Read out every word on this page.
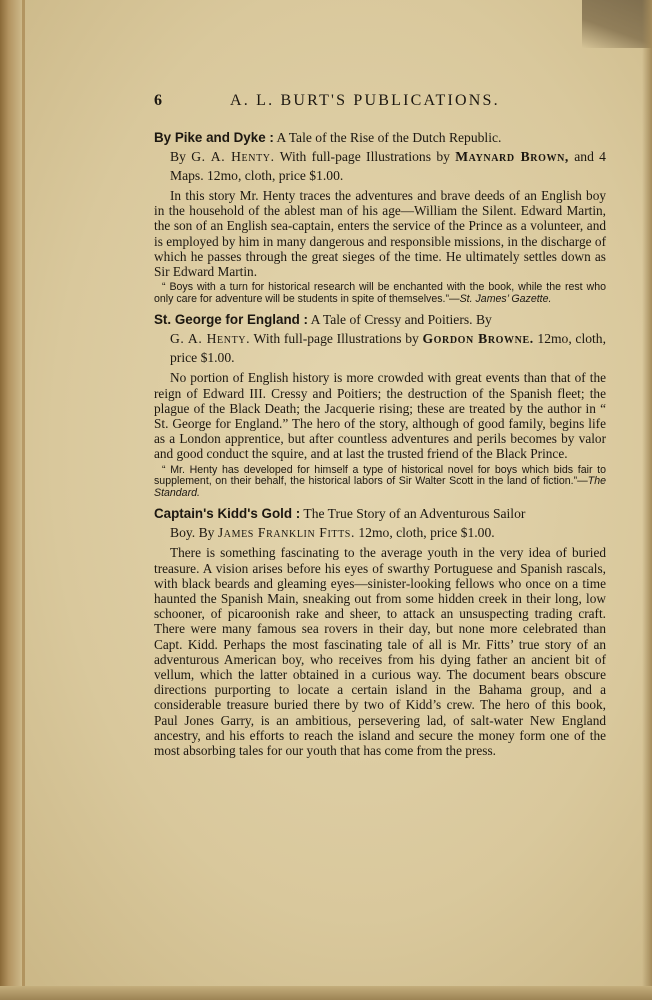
6	A. L. BURT'S PUBLICATIONS.

By Pike and Dyke : A Tale of the Rise of the Dutch Republic.
By G. A. Henty. With full-page Illustrations by Maynard Brown, and 4 Maps. 12mo, cloth, price $1.00.

In this story Mr. Henty traces the adventures and brave deeds of an English boy in the household of the ablest man of his age—William the Silent. Edward Martin, the son of an English sea-captain, enters the service of the Prince as a volunteer, and is employed by him in many dangerous and responsible missions, in the discharge of which he passes through the great sieges of the time. He ultimately settles down as Sir Edward Martin.

“ Boys with a turn for historical research will be enchanted with the book, while the rest who only care for adventure will be students in spite of themselves.”—St. James’ Gazette.

St. George for England : A Tale of Cressy and Poitiers. By
G. A. Henty. With full-page Illustrations by Gordon Browne. 12mo, cloth, price $1.00.

No portion of English history is more crowded with great events than that of the reign of Edward III. Cressy and Poitiers; the destruction of the Spanish fleet; the plague of the Black Death; the Jacquerie rising; these are treated by the author in “ St. George for England.” The hero of the story, although of good family, begins life as a London apprentice, but after countless adventures and perils becomes by valor and good conduct the squire, and at last the trusted friend of the Black Prince.

“ Mr. Henty has developed for himself a type of historical novel for boys which bids fair to supplement, on their behalf, the historical labors of Sir Walter Scott in the land of fiction.”—The Standard.

Captain's Kidd's Gold : The True Story of an Adventurous Sailor
Boy. By James Franklin Fitts. 12mo, cloth, price $1.00.

There is something fascinating to the average youth in the very idea of buried treasure. A vision arises before his eyes of swarthy Portuguese and Spanish rascals, with black beards and gleaming eyes—sinister-looking fellows who once on a time haunted the Spanish Main, sneaking out from some hidden creek in their long, low schooner, of picaroonish rake and sheer, to attack an unsuspecting trading craft. There were many famous sea rovers in their day, but none more celebrated than Capt. Kidd. Perhaps the most fascinating tale of all is Mr. Fitts’ true story of an adventurous American boy, who receives from his dying father an ancient bit of vellum, which the latter obtained in a curious way. The document bears obscure directions purporting to locate a certain island in the Bahama group, and a considerable treasure buried there by two of Kidd’s crew. The hero of this book, Paul Jones Garry, is an ambitious, persevering lad, of salt-water New England ancestry, and his efforts to reach the island and secure the money form one of the most absorbing tales for our youth that has come from the press.
